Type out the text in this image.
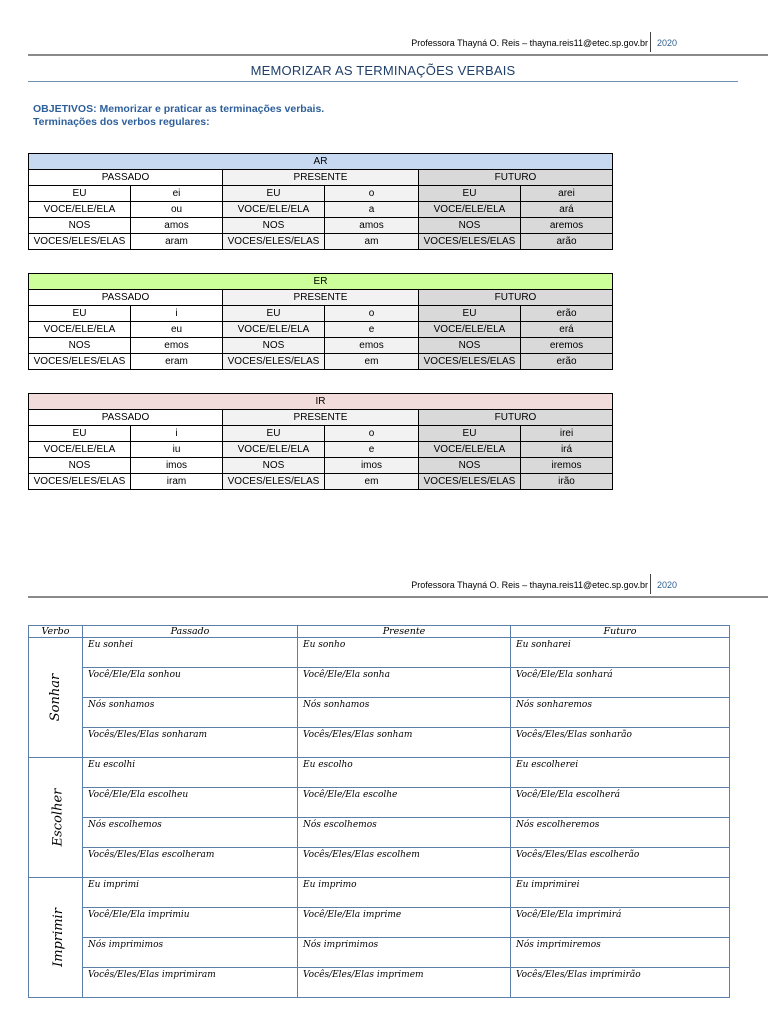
Professora Thayná O. Reis – thayna.reis11@etec.sp.gov.br 2020
MEMORIZAR AS TERMINAÇÕES VERBAIS
OBJETIVOS: Memorizar e praticar as terminações verbais.
Terminações dos verbos regulares:
AR					
PASSADO		PRESENTE		FUTURO	
EU	ei	EU	o	EU	arei
VOCE/ELE/ELA	ou	VOCE/ELE/ELA	a	VOCE/ELE/ELA	ará
NOS	amos	NOS	amos	NOS	aremos
VOCES/ELES/ELAS	aram	VOCES/ELES/ELAS	am	VOCES/ELES/ELAS	arão
ER					
PASSADO		PRESENTE		FUTURO	
EU	i	EU	o	EU	erão
VOCE/ELE/ELA	eu	VOCE/ELE/ELA	e	VOCE/ELE/ELA	erá
NOS	emos	NOS	emos	NOS	eremos
VOCES/ELES/ELAS	eram	VOCES/ELES/ELAS	em	VOCES/ELES/ELAS	erão
IR					
PASSADO		PRESENTE		FUTURO	
EU	i	EU	o	EU	irei
VOCE/ELE/ELA	iu	VOCE/ELE/ELA	e	VOCE/ELE/ELA	irá
NOS	imos	NOS	imos	NOS	iremos
VOCES/ELES/ELAS	iram	VOCES/ELES/ELAS	em	VOCES/ELES/ELAS	irão
Professora Thayná O. Reis – thayna.reis11@etec.sp.gov.br 2020
Verbo	Passado	Presente	Futuro
Sonhar	Eu sonhei	Eu sonho	Eu sonharei
	Você/Ele/Ela sonhou	Você/Ele/Ela sonha	Você/Ele/Ela sonhará
	Nós sonhamos	Nós sonhamos	Nós sonharemos
	Vocês/Eles/Elas sonharam	Vocês/Eles/Elas sonham	Vocês/Eles/Elas sonharão
Escolher	Eu escolhi	Eu escolho	Eu escolherei
	Você/Ele/Ela escolheu	Você/Ele/Ela escolhe	Você/Ele/Ela escolherá
	Nós escolhemos	Nós escolhemos	Nós escolheremos
	Vocês/Eles/Elas escolheram	Vocês/Eles/Elas escolhem	Vocês/Eles/Elas escolherão
Imprimir	Eu imprimi	Eu imprimo	Eu imprimirei
	Você/Ele/Ela imprimiu	Você/Ele/Ela imprime	Você/Ele/Ela imprimirá
	Nós imprimimos	Nós imprimimos	Nós imprimiremos
	Vocês/Eles/Elas imprimiram	Vocês/Eles/Elas imprimem	Vocês/Eles/Elas imprimirão
